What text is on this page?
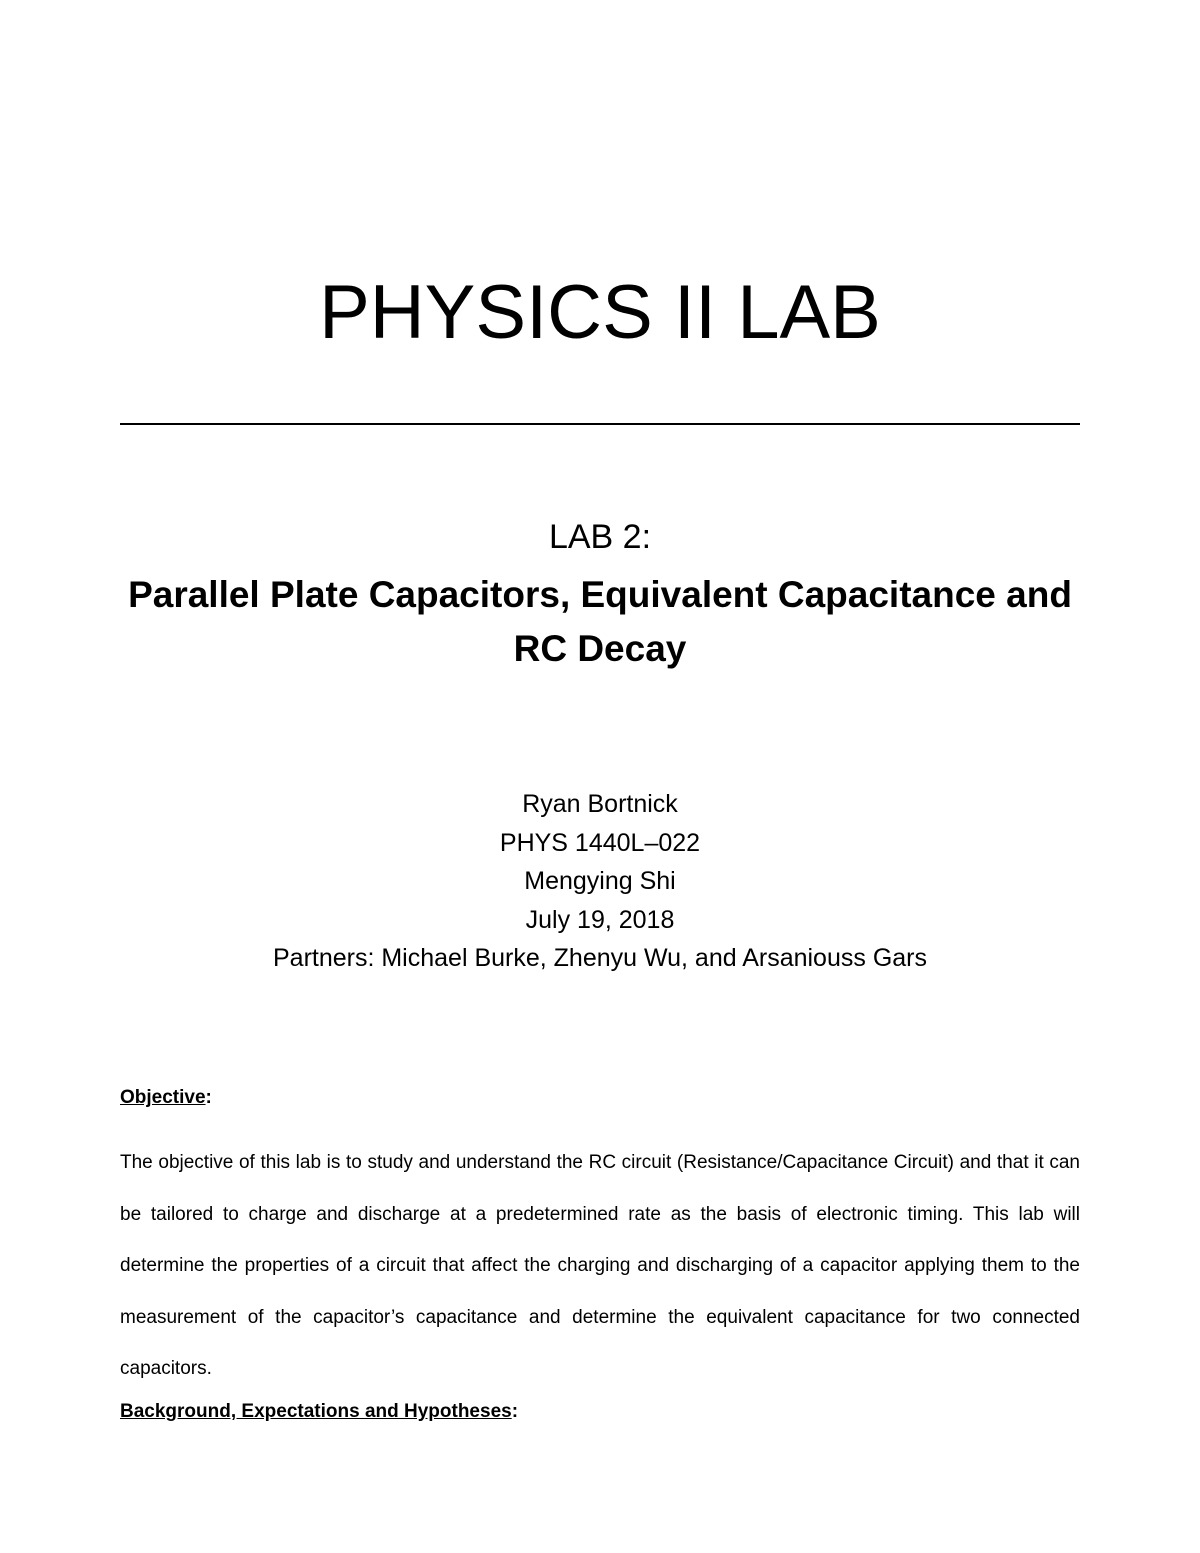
PHYSICS II LAB
LAB 2:
Parallel Plate Capacitors, Equivalent Capacitance and RC Decay
Ryan Bortnick
PHYS 1440L–022
Mengying Shi
July 19, 2018
Partners: Michael Burke, Zhenyu Wu, and Arsaniouss Gars
Objective:

The objective of this lab is to study and understand the RC circuit (Resistance/Capacitance Circuit) and that it can be tailored to charge and discharge at a predetermined rate as the basis of electronic timing. This lab will determine the properties of a circuit that affect the charging and discharging of a capacitor applying them to the measurement of the capacitor’s capacitance and determine the equivalent capacitance for two connected capacitors.

Background, Expectations and Hypotheses:
